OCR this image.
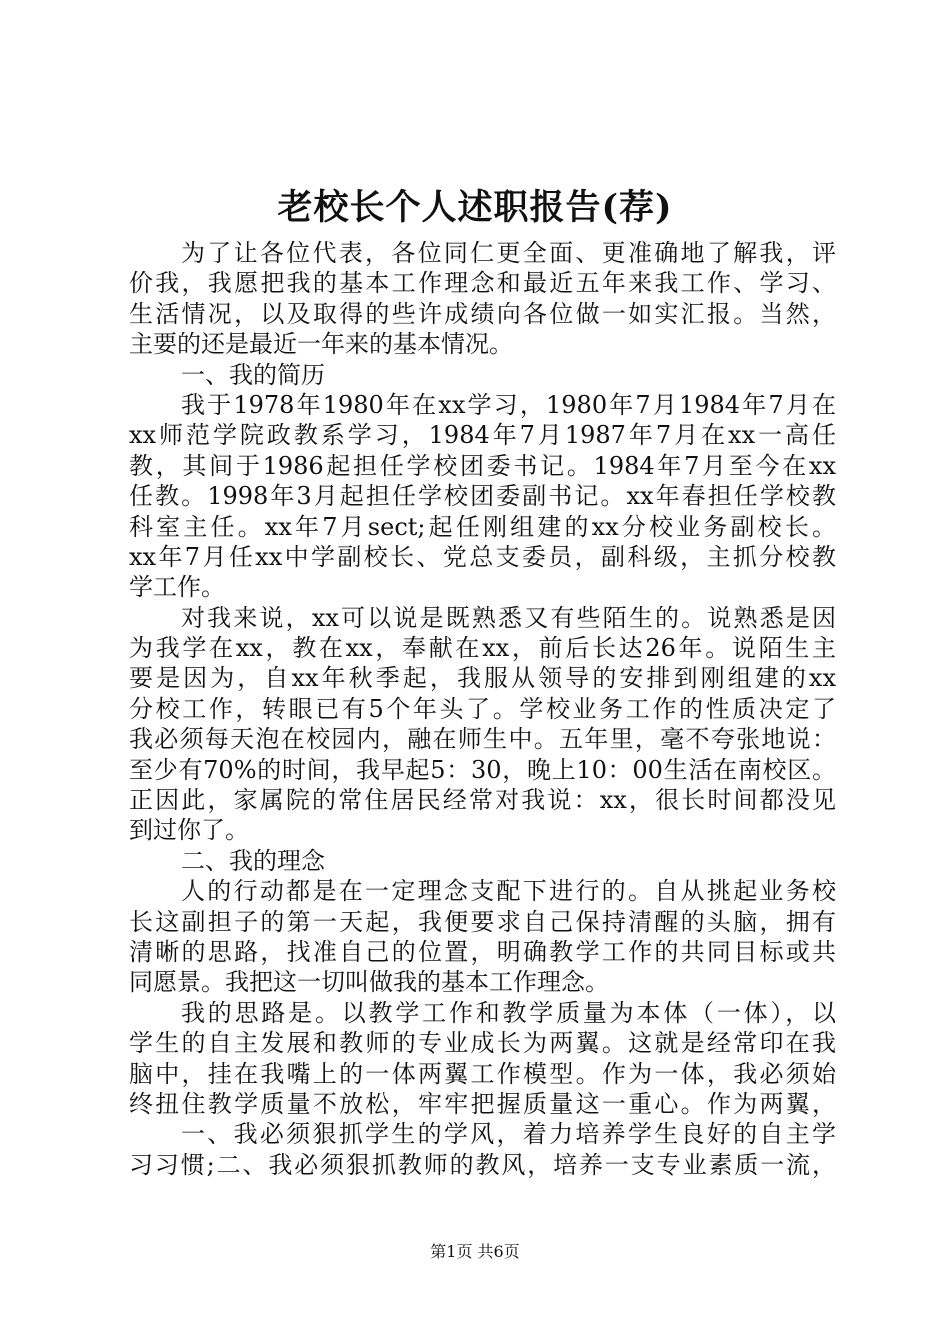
老校长个人述职报告(荐)
为了让各位代表，各位同仁更全面、更准确地了解我，评
价我，我愿把我的基本工作理念和最近五年来我工作、学习、
生活情况，以及取得的些许成绩向各位做一如实汇报。当然，
主要的还是最近一年来的基本情况。
一、我的简历
我于1978年1980年在xx学习，1980年7月1984年7月在
xx师范学院政教系学习，1984年7月1987年7月在xx一高任
教，其间于1986起担任学校团委书记。1984年7月至今在xx
任教。1998年3月起担任学校团委副书记。xx年春担任学校教
科室主任。xx年7月sect;起任刚组建的xx分校业务副校长。
xx年7月任xx中学副校长、党总支委员，副科级，主抓分校教
学工作。
对我来说，xx可以说是既熟悉又有些陌生的。说熟悉是因
为我学在xx，教在xx，奉献在xx，前后长达26年。说陌生主
要是因为，自xx年秋季起，我服从领导的安排到刚组建的xx
分校工作，转眼已有5个年头了。学校业务工作的性质决定了
我必须每天泡在校园内，融在师生中。五年里，毫不夸张地说：
至少有70%的时间，我早起5：30，晚上10：00生活在南校区。
正因此，家属院的常住居民经常对我说：xx，很长时间都没见
到过你了。
二、我的理念
人的行动都是在一定理念支配下进行的。自从挑起业务校
长这副担子的第一天起，我便要求自己保持清醒的头脑，拥有
清晰的思路，找准自己的位置，明确教学工作的共同目标或共
同愿景。我把这一切叫做我的基本工作理念。
我的思路是。以教学工作和教学质量为本体（一体），以
学生的自主发展和教师的专业成长为两翼。这就是经常印在我
脑中，挂在我嘴上的一体两翼工作模型。作为一体，我必须始
终扭住教学质量不放松，牢牢把握质量这一重心。作为两翼，
一、我必须狠抓学生的学风，着力培养学生良好的自主学
习习惯;二、我必须狠抓教师的教风，培养一支专业素质一流，
第1页 共6页
